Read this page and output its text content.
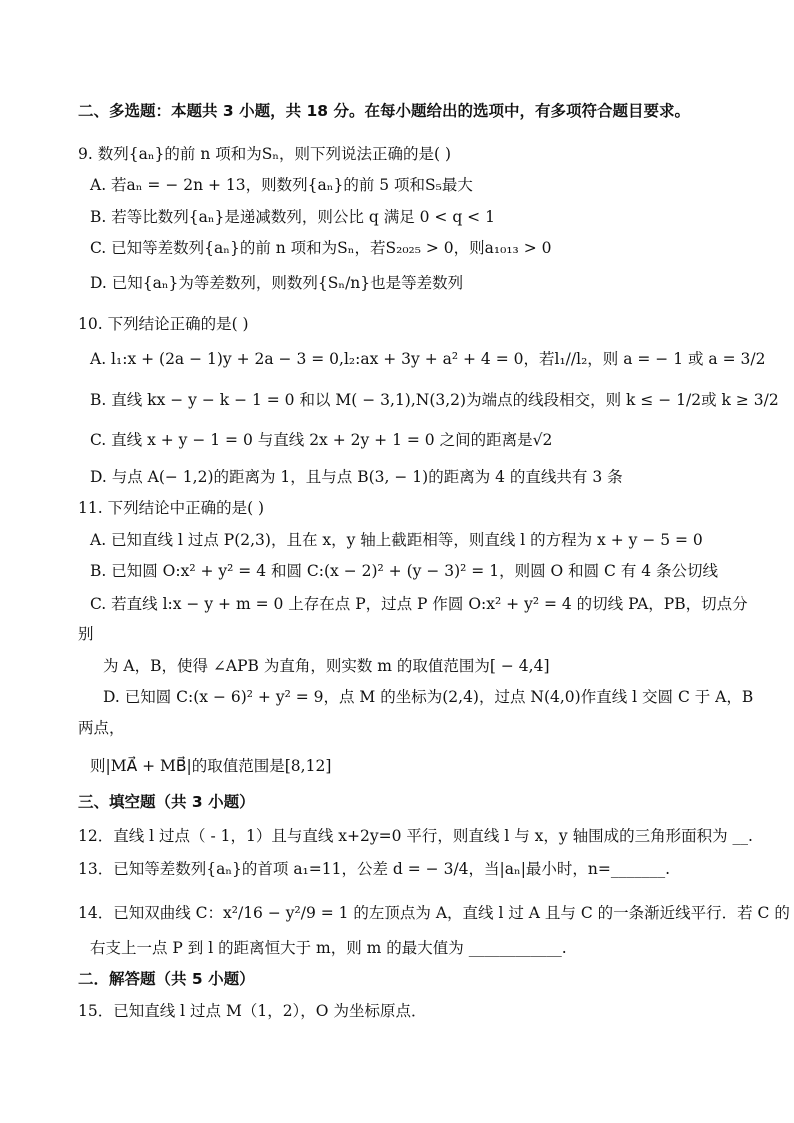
二、多选题：本题共 3 小题，共 18 分。在每小题给出的选项中，有多项符合题目要求。
9. 数列{aₙ}的前 n 项和为Sₙ，则下列说法正确的是( )
A. 若aₙ = − 2n + 13，则数列{aₙ}的前 5 项和S₅最大
B. 若等比数列{aₙ}是递减数列，则公比 q 满足 0 < q < 1
C. 已知等差数列{aₙ}的前 n 项和为Sₙ，若S₂₀₂₅ > 0，则a₁₀₁₃ > 0
D. 已知{aₙ}为等差数列，则数列{Sₙ/n}也是等差数列
10. 下列结论正确的是( )
A. l₁:x + (2a − 1)y + 2a − 3 = 0,l₂:ax + 3y + a² + 4 = 0，若l₁//l₂，则 a = − 1 或 a = 3/2
B. 直线 kx − y − k − 1 = 0 和以 M( − 3,1),N(3,2)为端点的线段相交，则 k ≤ − 1/2或 k ≥ 3/2
C. 直线 x + y − 1 = 0 与直线 2x + 2y + 1 = 0 之间的距离是√2
D. 与点 A(− 1,2)的距离为 1，且与点 B(3, − 1)的距离为 4 的直线共有 3 条
11. 下列结论中正确的是( )
A. 已知直线 l 过点 P(2,3)，且在 x，y 轴上截距相等，则直线 l 的方程为 x + y − 5 = 0
B. 已知圆 O:x² + y² = 4 和圆 C:(x − 2)² + (y − 3)² = 1，则圆 O 和圆 C 有 4 条公切线
C. 若直线 l:x − y + m = 0 上存在点 P，过点 P 作圆 O:x² + y² = 4 的切线 PA，PB，切点分
别
为 A，B，使得 ∠APB 为直角，则实数 m 的取值范围为[ − 4,4]
D. 已知圆 C:(x − 6)² + y² = 9，点 M 的坐标为(2,4)，过点 N(4,0)作直线 l 交圆 C 于 A，B
两点，
则|MA⃗ + MB⃗|的取值范围是[8,12]
三、填空题（共 3 小题）
12．直线 l 过点（ - 1，1）且与直线 x+2y=0 平行，则直线 l 与 x，y 轴围成的三角形面积为 __.
13．已知等差数列{aₙ}的首项 a₁=11，公差 d = − 3/4，当|aₙ|最小时，n=_______.
14．已知双曲线 C：x²/16 − y²/9 = 1 的左顶点为 A，直线 l 过 A 且与 C 的一条渐近线平行．若 C 的
右支上一点 P 到 l 的距离恒大于 m，则 m 的最大值为 ____________.
二．解答题（共 5 小题）
15．已知直线 l 过点 M（1，2），O 为坐标原点．
